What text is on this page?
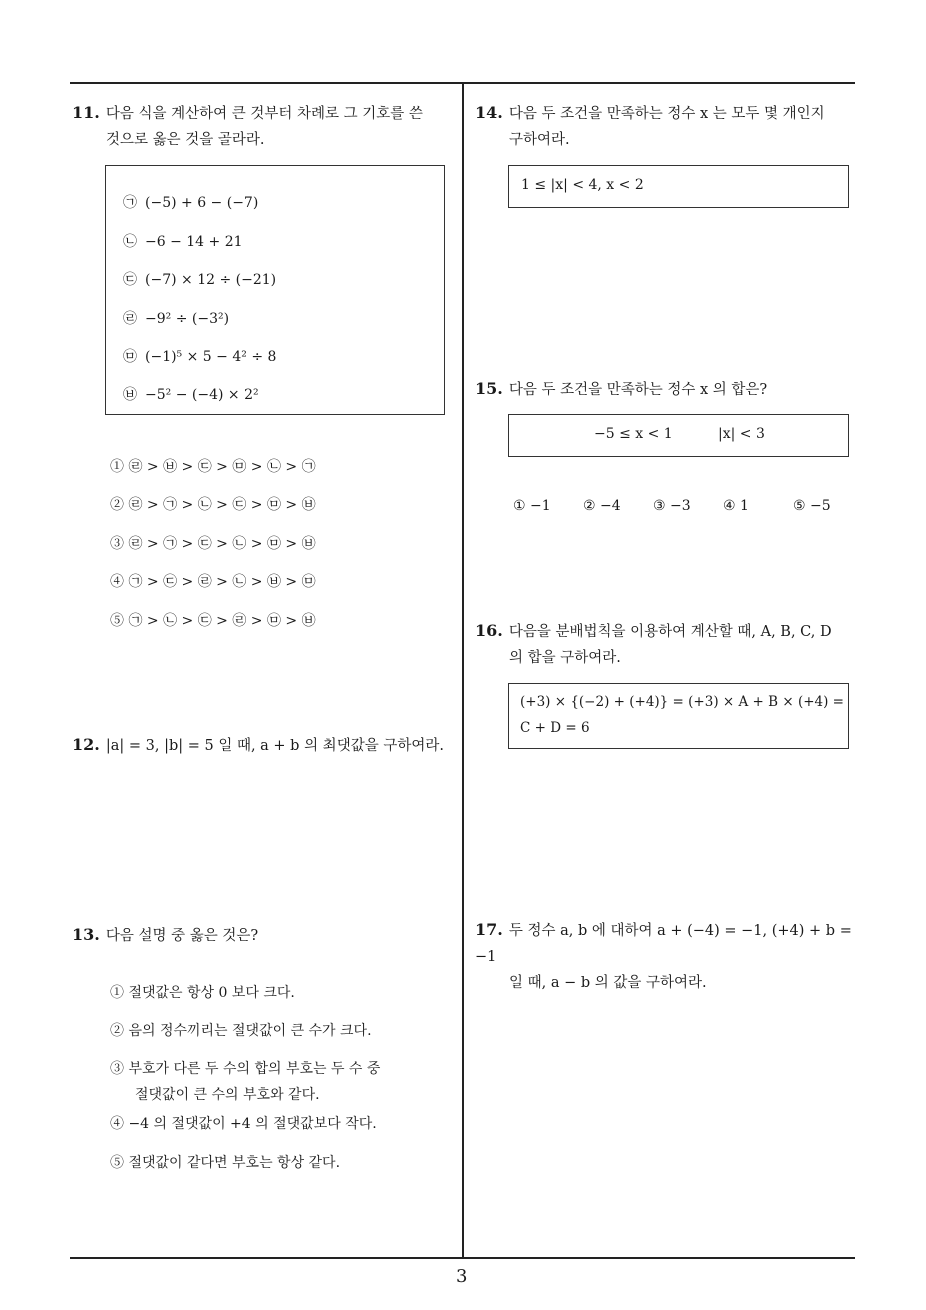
3
11. 다음 식을 계산하여 큰 것부터 차례로 그 기호를 쓴
것으로 옳은 것을 골라라.
㉠ (−5) + 6 − (−7)
㉡ −6 − 14 + 21
㉢ (−7) × 12 ÷ (−21)
㉣ −9² ÷ (−3²)
㉤ (−1)⁵ × 5 − 4² ÷ 8
㉥ −5² − (−4) × 2²
① ㉣ > ㉥ > ㉢ > ㉤ > ㉡ > ㉠
② ㉣ > ㉠ > ㉡ > ㉢ > ㉤ > ㉥
③ ㉣ > ㉠ > ㉢ > ㉡ > ㉤ > ㉥
④ ㉠ > ㉢ > ㉣ > ㉡ > ㉥ > ㉤
⑤ ㉠ > ㉡ > ㉢ > ㉣ > ㉤ > ㉥
12. |a| = 3, |b| = 5 일 때, a + b 의 최댓값을 구하여라.
13. 다음 설명 중 옳은 것은?
① 절댓값은 항상 0 보다 크다.
② 음의 정수끼리는 절댓값이 큰 수가 크다.
③ 부호가 다른 두 수의 합의 부호는 두 수 중
절댓값이 큰 수의 부호와 같다.
④ −4 의 절댓값이 +4 의 절댓값보다 작다.
⑤ 절댓값이 같다면 부호는 항상 같다.
14. 다음 두 조건을 만족하는 정수 x 는 모두 몇 개인지
구하여라.
1 ≤ |x| < 4, x < 2
15. 다음 두 조건을 만족하는 정수 x 의 합은?
−5 ≤ x < 1	|x| < 3
① −1 ② −4 ③ −3 ④ 1	⑤ −5
16. 다음을 분배법칙을 이용하여 계산할 때, A, B, C, D
의 합을 구하여라.
(+3) × {(−2) + (+4)} = (+3) × A + B × (+4) =
C + D = 6
17. 두 정수 a, b 에 대하여 a + (−4) = −1, (+4) + b = −1
일 때, a − b 의 값을 구하여라.
